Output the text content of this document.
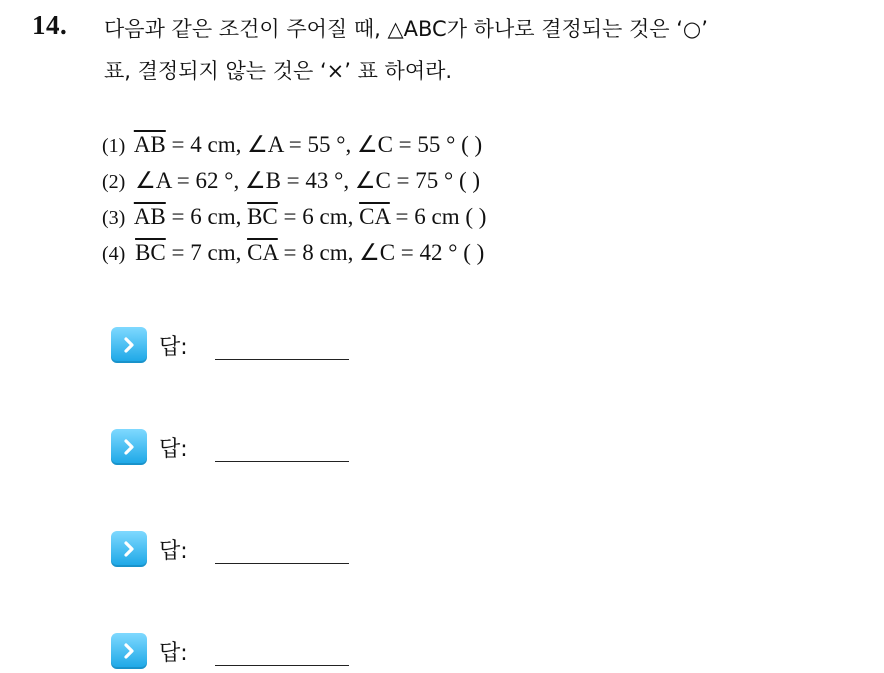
14. 다음과 같은 조건이 주어질 때, △ABC가 하나로 결정되는 것은 ‘○’
표, 결정되지 않는 것은 ‘×’ 표 하여라.
(1) $\overline{AB} = 4$ cm, ∠A = 55 °, ∠C = 55 ° ( )
(2) ∠A = 62 °, ∠B = 43 °, ∠C = 75 ° ( )
(3) $\overline{AB} = 6$ cm, $\overline{BC} = 6$ cm, $\overline{CA} = 6$ cm ( )
(4) $\overline{BC} = 7$ cm, $\overline{CA} = 8$ cm, ∠C = 42 ° ( )
답:
답:
답:
답:
